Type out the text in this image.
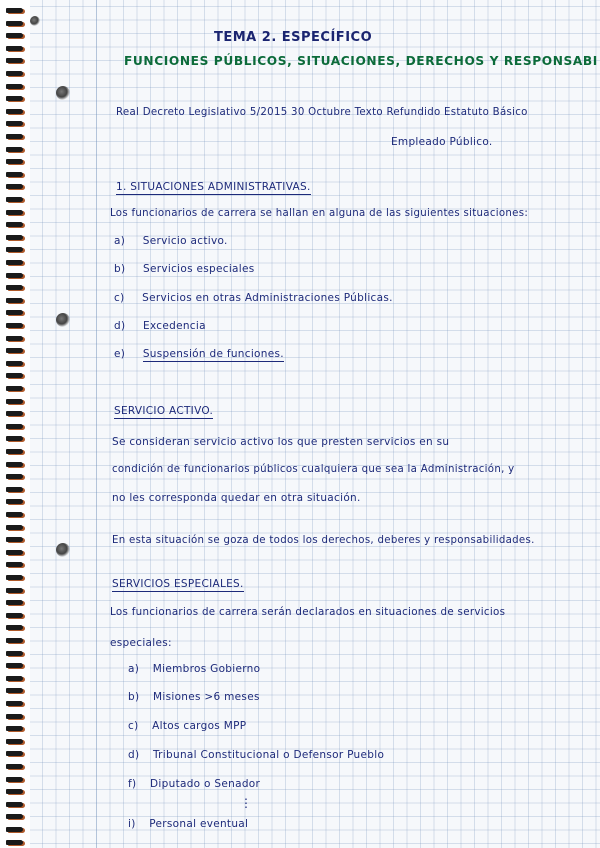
TEMA 2. ESPECÍFICO
FUNCIONES PÚBLICOS, SITUACIONES, DERECHOS Y RESPONSABI
Real Decreto Legislativo 5/2015 30 Octubre Texto Refundido Estatuto Básico
Empleado Público.
1. SITUACIONES ADMINISTRATIVAS.
Los funcionarios de carrera se hallan en alguna de las siguientes situaciones:
a) Servicio activo.
b) Servicios especiales
c) Servicios en otras Administraciones Públicas.
d) Excedencia
e) Suspensión de funciones.
SERVICIO ACTIVO.
Se consideran servicio activo los que presten servicios en su
condición de funcionarios públicos cualquiera que sea la Administración, y
no les corresponda quedar en otra situación.
En esta situación se goza de todos los derechos, deberes y responsabilidades.
SERVICIOS ESPECIALES.
Los funcionarios de carrera serán declarados en situaciones de servicios
especiales:
a) Miembros Gobierno
b) Misiones >6 meses
c) Altos cargos MPP
d) Tribunal Constitucional o Defensor Pueblo
f) Diputado o Senador
⋮
i) Personal eventual
